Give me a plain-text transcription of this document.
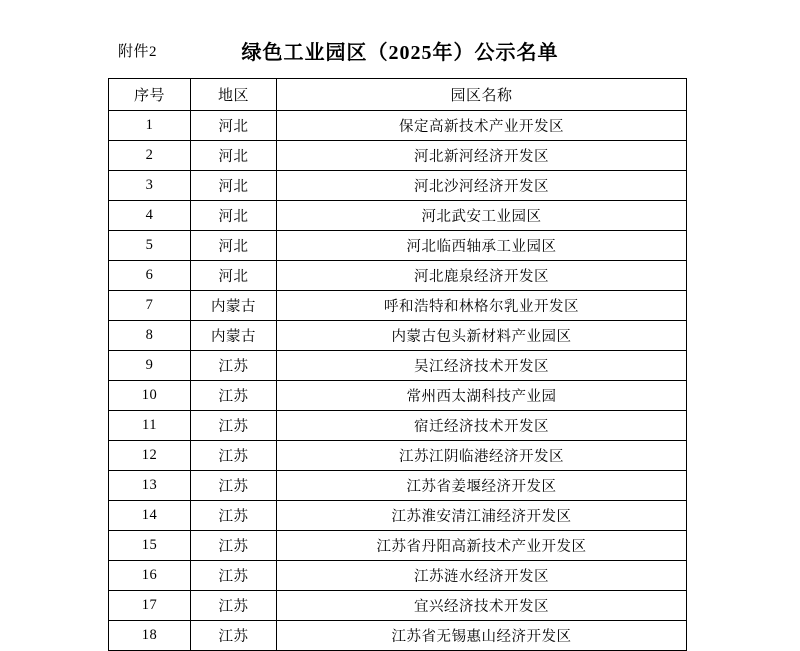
附件2	绿色工业园区（2025年）公示名单
序号	地区	园区名称
1	河北	保定高新技术产业开发区
2	河北	河北新河经济开发区
3	河北	河北沙河经济开发区
4	河北	河北武安工业园区
5	河北	河北临西轴承工业园区
6	河北	河北鹿泉经济开发区
7	内蒙古	呼和浩特和林格尔乳业开发区
8	内蒙古	内蒙古包头新材料产业园区
9	江苏	吴江经济技术开发区
10	江苏	常州西太湖科技产业园
11	江苏	宿迁经济技术开发区
12	江苏	江苏江阴临港经济开发区
13	江苏	江苏省姜堰经济开发区
14	江苏	江苏淮安清江浦经济开发区
15	江苏	江苏省丹阳高新技术产业开发区
16	江苏	江苏涟水经济开发区
17	江苏	宜兴经济技术开发区
18	江苏	江苏省无锡惠山经济开发区
